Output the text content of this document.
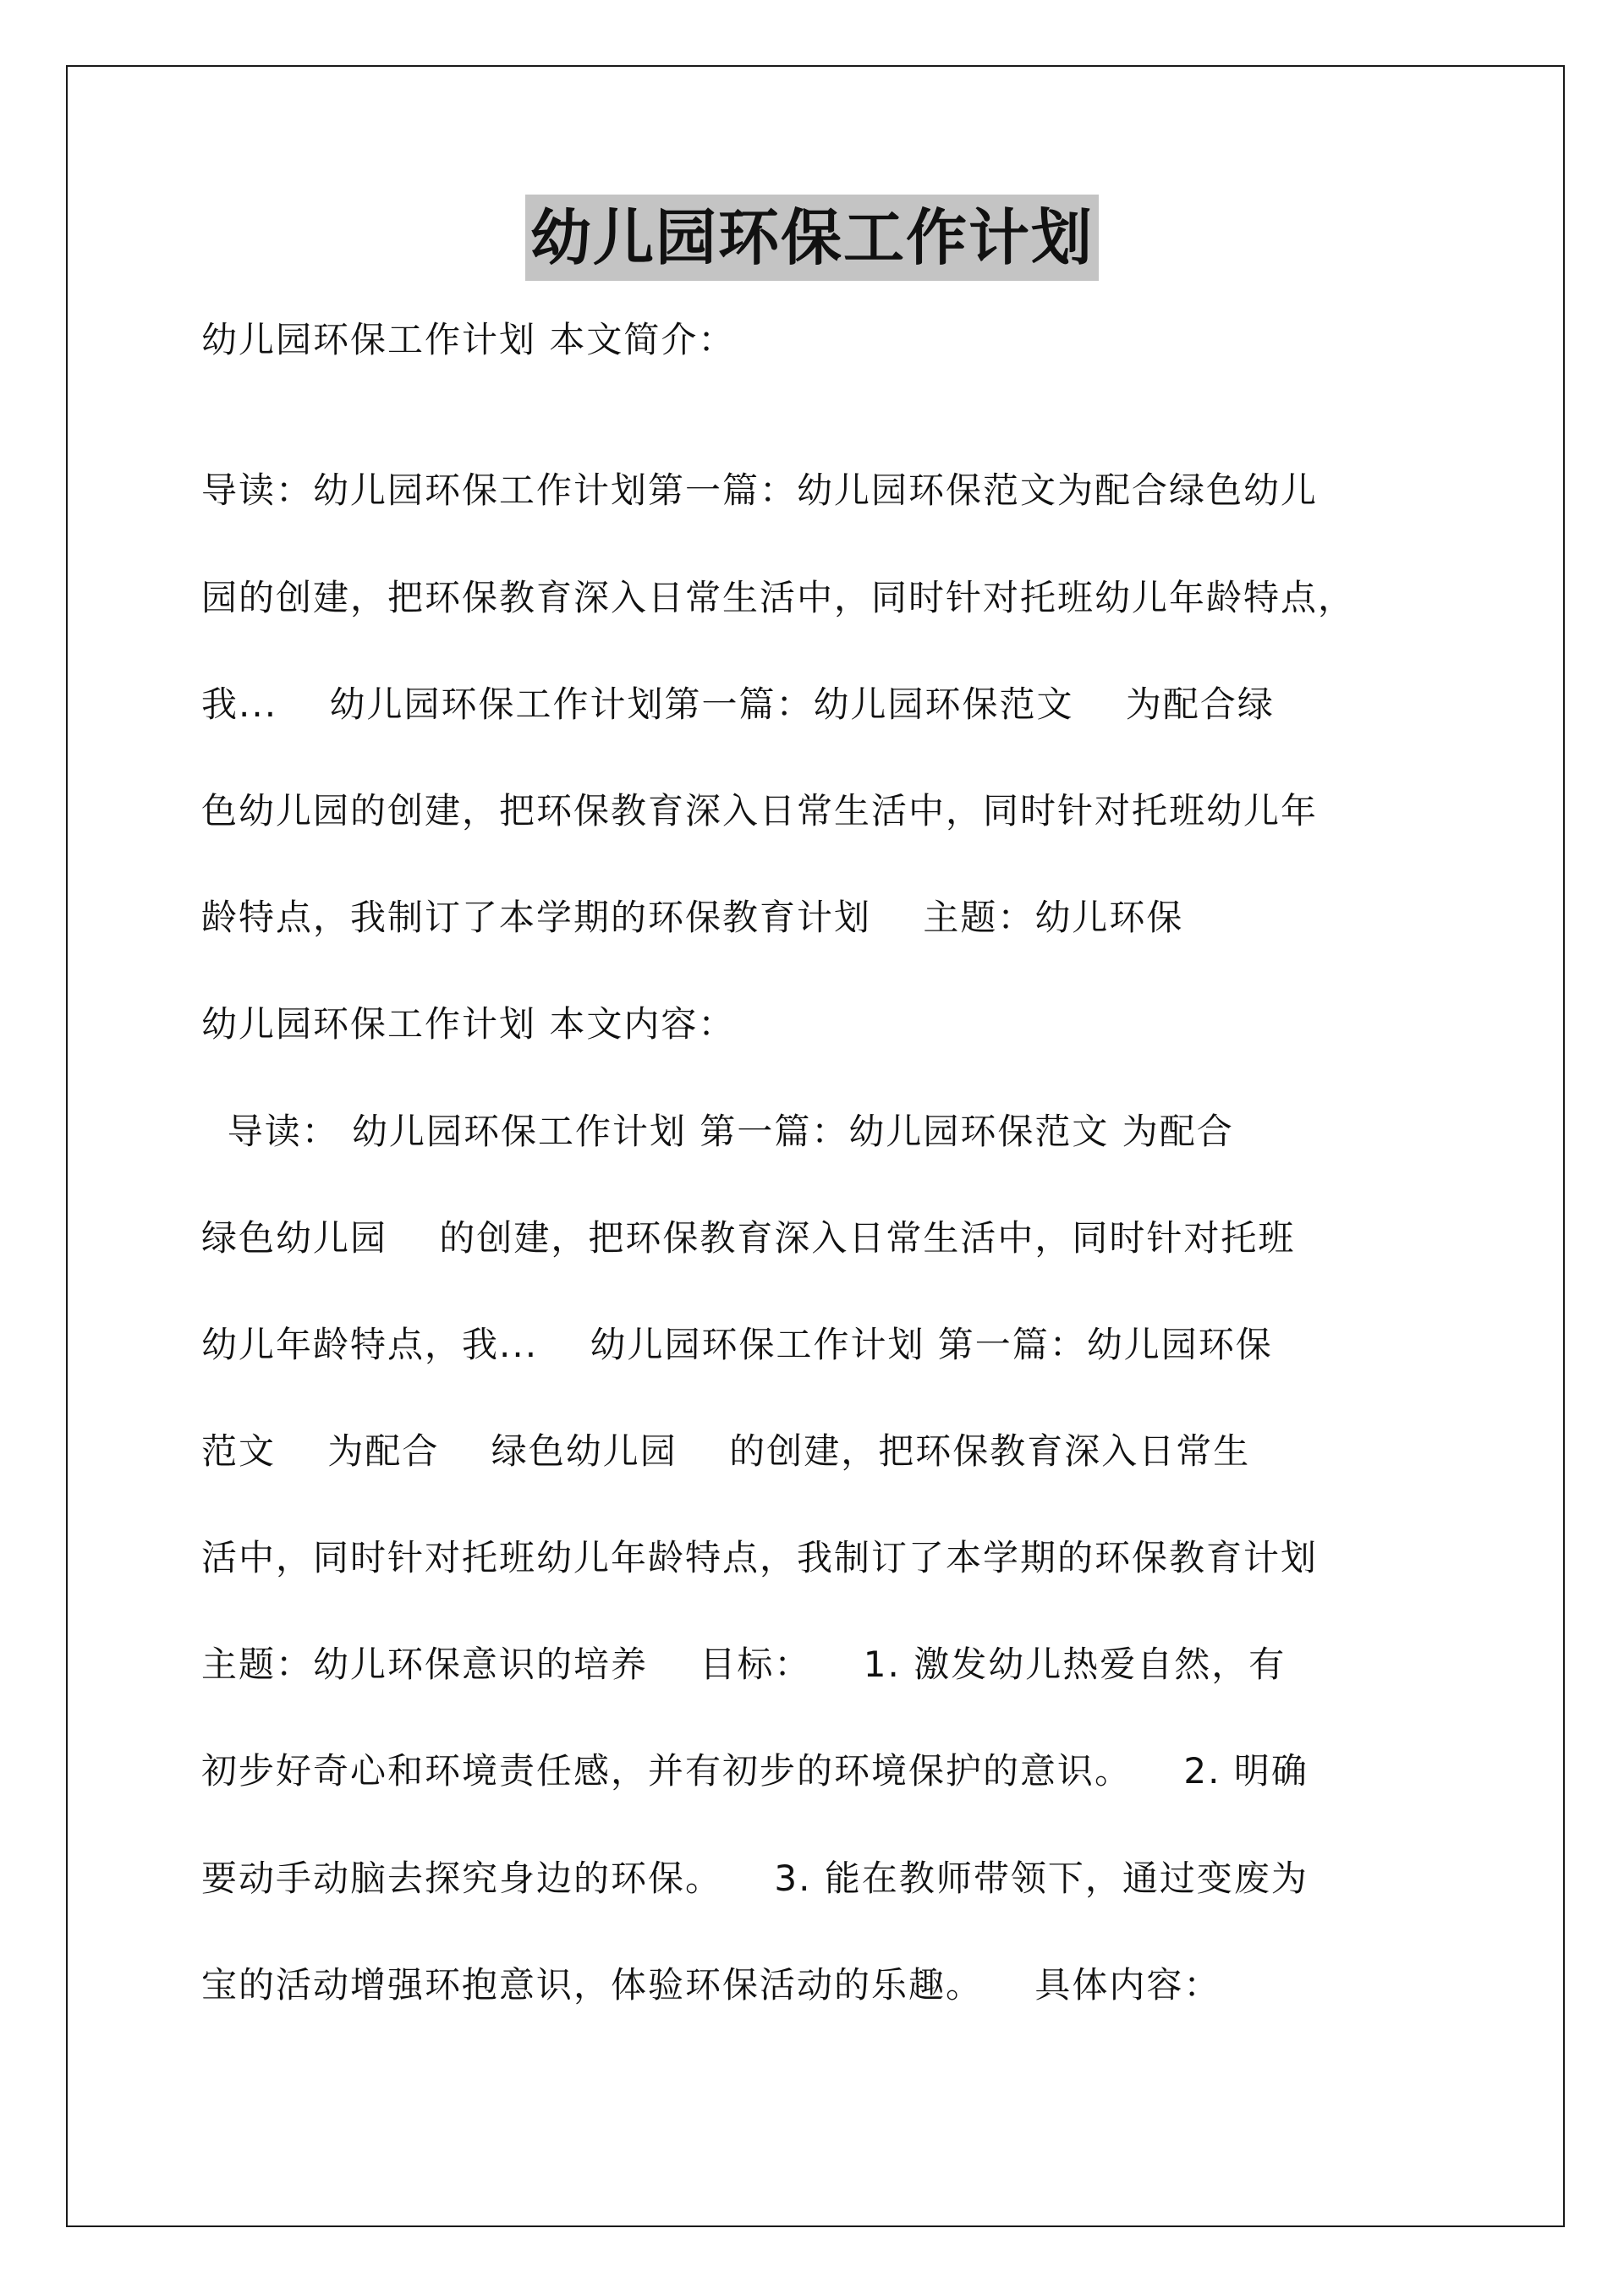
幼儿园环保工作计划
幼儿园环保工作计划 本文简介：
导读：幼儿园环保工作计划第一篇：幼儿园环保范文为配合绿色幼儿
园的创建，把环保教育深入日常生活中，同时针对托班幼儿年龄特点，
我...    幼儿园环保工作计划第一篇：幼儿园环保范文    为配合绿
色幼儿园的创建，把环保教育深入日常生活中，同时针对托班幼儿年
龄特点，我制订了本学期的环保教育计划    主题：幼儿环保
幼儿园环保工作计划 本文内容：
导读： 幼儿园环保工作计划 第一篇：幼儿园环保范文 为配合
绿色幼儿园    的创建，把环保教育深入日常生活中，同时针对托班
幼儿年龄特点，我...    幼儿园环保工作计划 第一篇：幼儿园环保
范文    为配合    绿色幼儿园    的创建，把环保教育深入日常生
活中，同时针对托班幼儿年龄特点，我制订了本学期的环保教育计划
主题：幼儿环保意识的培养    目标：    1. 激发幼儿热爱自然，有
初步好奇心和环境责任感，并有初步的环境保护的意识。    2. 明确
要动手动脑去探究身边的环保。    3. 能在教师带领下，通过变废为
宝的活动增强环抱意识，体验环保活动的乐趣。    具体内容：
